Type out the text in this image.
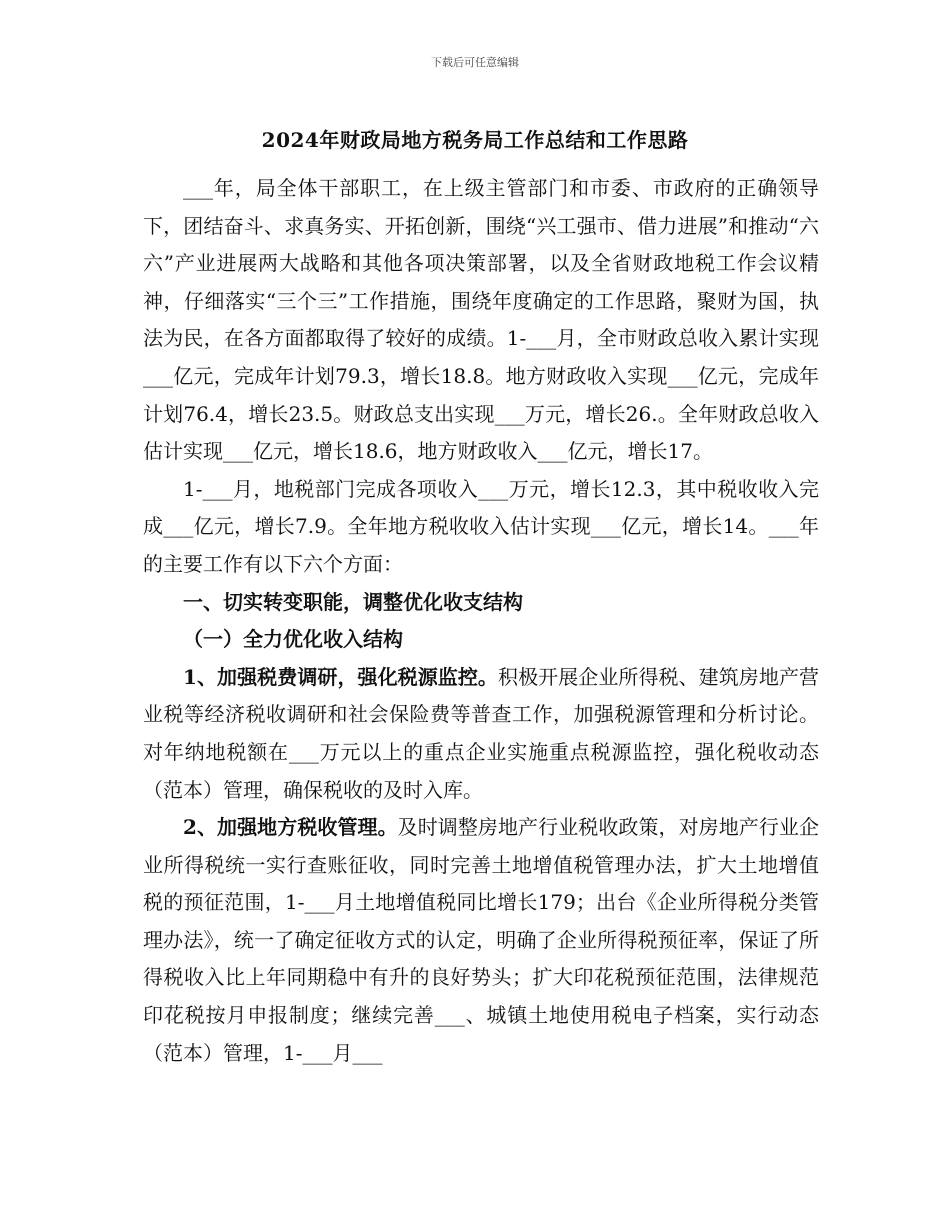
下载后可任意编辑
2024年财政局地方税务局工作总结和工作思路

___年，局全体干部职工，在上级主管部门和市委、市政府的正确领导下，团结奋斗、求真务实、开拓创新，围绕“兴工强市、借力进展”和推动“六六”产业进展两大战略和其他各项决策部署，以及全省财政地税工作会议精神，仔细落实“三个三”工作措施，围绕年度确定的工作思路，聚财为国，执法为民，在各方面都取得了较好的成绩。1-___月，全市财政总收入累计实现___亿元，完成年计划79.3，增长18.8。地方财政收入实现___亿元，完成年计划76.4，增长23.5。财政总支出实现___万元，增长26.。全年财政总收入估计实现___亿元，增长18.6，地方财政收入___亿元，增长17。

1-___月，地税部门完成各项收入___万元，增长12.3，其中税收收入完成___亿元，增长7.9。全年地方税收收入估计实现___亿元，增长14。___年的主要工作有以下六个方面：

一、切实转变职能，调整优化收支结构

（一）全力优化收入结构

1、加强税费调研，强化税源监控。积极开展企业所得税、建筑房地产营业税等经济税收调研和社会保险费等普查工作，加强税源管理和分析讨论。对年纳地税额在___万元以上的重点企业实施重点税源监控，强化税收动态（范本）管理，确保税收的及时入库。

2、加强地方税收管理。及时调整房地产行业税收政策，对房地产行业企业所得税统一实行查账征收，同时完善土地增值税管理办法，扩大土地增值税的预征范围，1-___月土地增值税同比增长179；出台《企业所得税分类管理办法》，统一了确定征收方式的认定，明确了企业所得税预征率，保证了所得税收入比上年同期稳中有升的良好势头；扩大印花税预征范围，法律规范印花税按月申报制度；继续完善___、城镇土地使用税电子档案，实行动态（范本）管理，1-___月___
